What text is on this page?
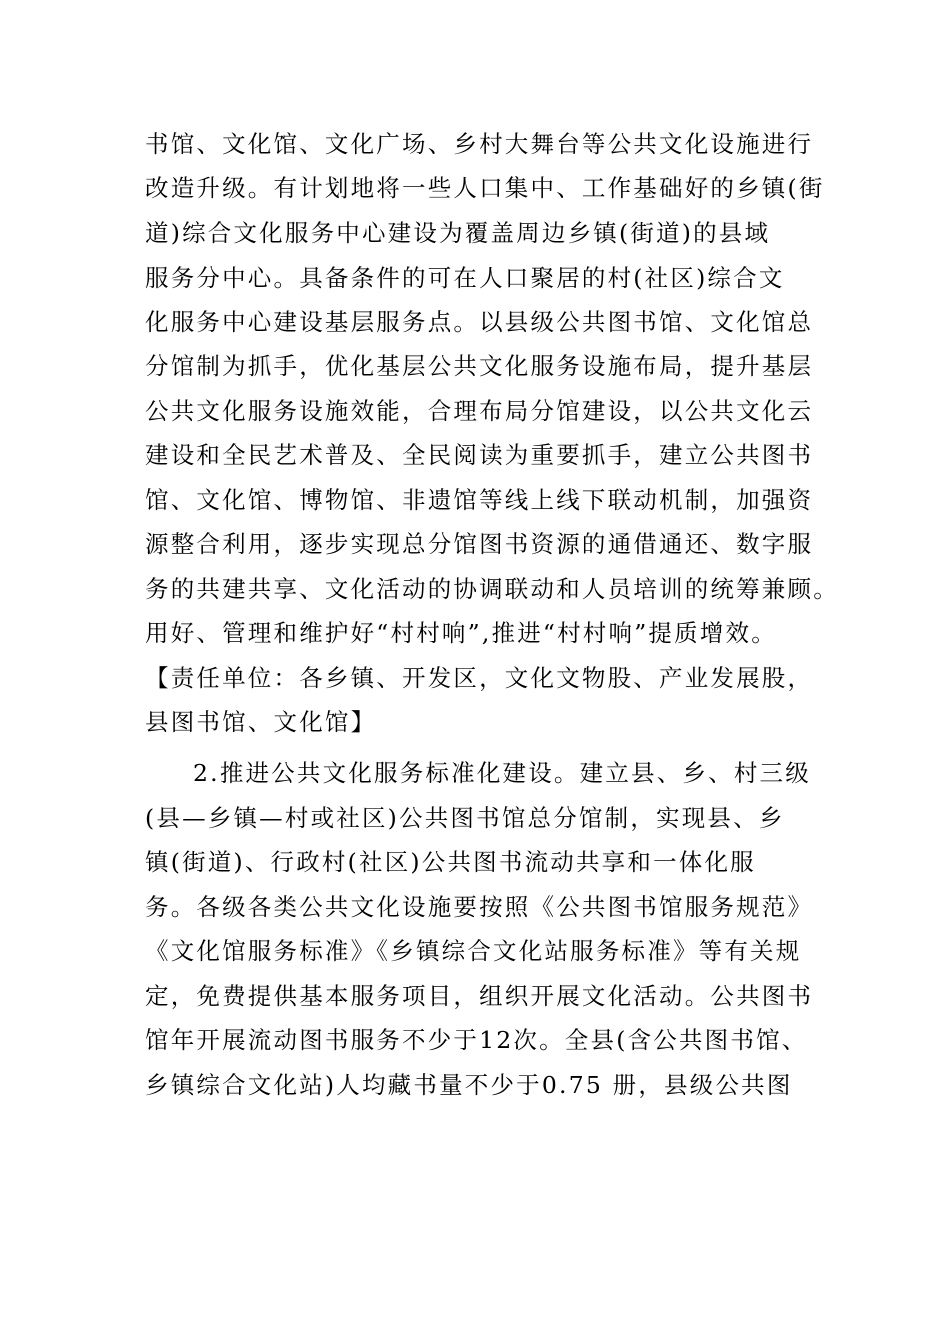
书馆、文化馆、文化广场、乡村大舞台等公共文化设施进行
改造升级。有计划地将一些人口集中、工作基础好的乡镇(街
道)综合文化服务中心建设为覆盖周边乡镇(街道)的县域
服务分中心。具备条件的可在人口聚居的村(社区)综合文
化服务中心建设基层服务点。以县级公共图书馆、文化馆总
分馆制为抓手，优化基层公共文化服务设施布局，提升基层
公共文化服务设施效能，合理布局分馆建设，以公共文化云
建设和全民艺术普及、全民阅读为重要抓手，建立公共图书
馆、文化馆、博物馆、非遗馆等线上线下联动机制，加强资
源整合利用，逐步实现总分馆图书资源的通借通还、数字服
务的共建共享、文化活动的协调联动和人员培训的统筹兼顾。
用好、管理和维护好“村村响”,推进“村村响”提质增效。
【责任单位：各乡镇、开发区，文化文物股、产业发展股，
县图书馆、文化馆】
2.推进公共文化服务标准化建设。建立县、乡、村三级
(县—乡镇—村或社区)公共图书馆总分馆制，实现县、乡
镇(街道)、行政村(社区)公共图书流动共享和一体化服
务。各级各类公共文化设施要按照《公共图书馆服务规范》
《文化馆服务标准》《乡镇综合文化站服务标准》等有关规
定，免费提供基本服务项目，组织开展文化活动。公共图书
馆年开展流动图书服务不少于12次。全县(含公共图书馆、
乡镇综合文化站)人均藏书量不少于0.75 册，县级公共图
